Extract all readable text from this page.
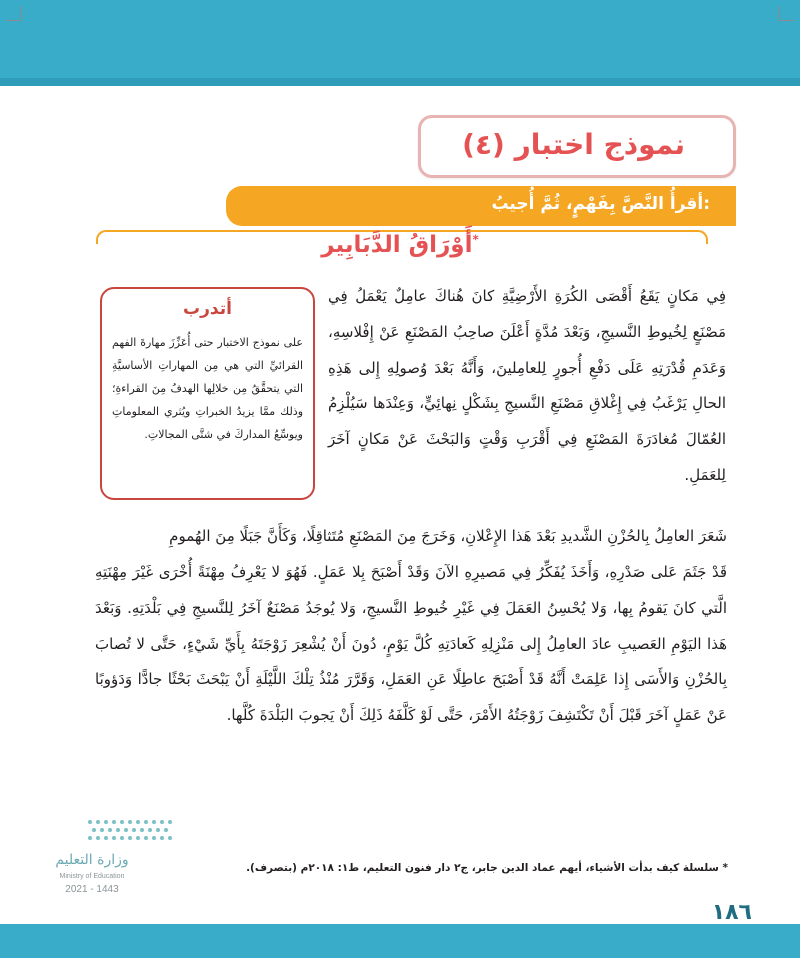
نموذج اختبار (٤)
أقرأُ النَّصَّ بِفَهْمٍ، ثُمَّ أُجيبُ:
أَوْرَاقُ الدَّبَابِير*
أتدرب
على نموذج الاختبار حتى أُعَزِّزَ مهارةَ الفهم القرائيِّ التي هي مِن المهاراتِ الأساسيَّةِ التي يتحقَّقُ مِن خلالِها الهدفُ مِنَ القراءةِ؛ وذلك ممَّا يزيدُ الخبراتِ ويُثري المعلوماتِ ويوسِّعُ المداركَ في شتَّى المجالاتِ.
فِي مَكانٍ يَقَعُ أَقْصَى الكُرَةِ الأَرْضِيَّةِ كانَ هُناكَ عامِلٌ يَعْمَلُ فِي مَصْنَعٍ لِخُيوطِ النَّسيجِ، وَبَعْدَ مُدَّةٍ أَعْلَنَ صاحِبُ المَصْنَعِ عَنْ إِفْلاسِهِ، وَعَدَمِ قُدْرَتِهِ عَلَى دَفْعِ أُجورٍ لِلعامِلينَ، وَأَنَّهُ بَعْدَ وُصولِهِ إِلى هَذِهِ الحالِ يَرْغَبُ فِي إِغْلاقِ مَصْنَعِ النَّسيجِ بِشَكْلٍ نِهائِيٍّ، وَعِنْدَها سَيُلْزِمُ العُمّالَ مُغادَرَةَ المَصْنَعِ فِي أَقْرَبِ وَقْتٍ وَالبَحْثَ عَنْ مَكانٍ آخَرَ لِلعَمَلِ.
شَعَرَ العامِلُ بِالحُزْنِ الشَّديدِ بَعْدَ هَذا الإِعْلانِ، وَخَرَجَ مِنَ المَصْنَعِ مُتَثاقِلًا، وَكَأَنَّ جَبَلًا مِنَ الهُمومِ
قَدْ جَثَمَ عَلى صَدْرِهِ، وَأَخَذَ يُفَكِّرُ فِي مَصيرِهِ الآنَ وَقَدْ أَصْبَحَ بِلا عَمَلٍ. فَهُوَ لا يَعْرِفُ مِهْنَةً أُخْرَى غَيْرَ مِهْنَتِهِ الَّتي كانَ يَقومُ بِها، وَلا يُحْسِنُ العَمَلَ فِي غَيْرِ خُيوطِ النَّسيجِ، وَلا يُوجَدُ مَصْنَعٌ آخَرُ لِلنَّسيجِ فِي بَلْدَتِهِ. وَبَعْدَ هَذا اليَوْمِ العَصيبِ عادَ العامِلُ إِلى مَنْزِلِهِ كَعادَتِهِ كُلَّ يَوْمٍ، دُونَ أَنْ يُشْعِرَ زَوْجَتَهُ بِأَيِّ شَيْءٍ، حَتَّى لا تُصابَ بِالحُزْنِ وَالأَسَى إِذا عَلِمَتْ أَنَّهُ قَدْ أَصْبَحَ عاطِلًا عَنِ العَمَلِ، وَقَرَّرَ مُنْذُ تِلْكَ اللَّيْلَةِ أَنْ يَبْحَثَ بَحْثًا جادًّا وَدَؤوبًا عَنْ عَمَلٍ آخَرَ قَبْلَ أَنْ تَكْتَشِفَ زَوْجَتُهُ الأَمْرَ، حَتَّى لَوْ كَلَّفَهُ ذَلِكَ أَنْ يَجوبَ البَلْدَةَ كُلَّها.
وزارة التعليم
Ministry of Education
2021 - 1443
* سلسلة كيف بدأت الأشياء، أيهم عماد الدين جابر، ج٢ دار فنون التعليم، ط١: ٢٠١٨م (بتصرف).
١٨٦
